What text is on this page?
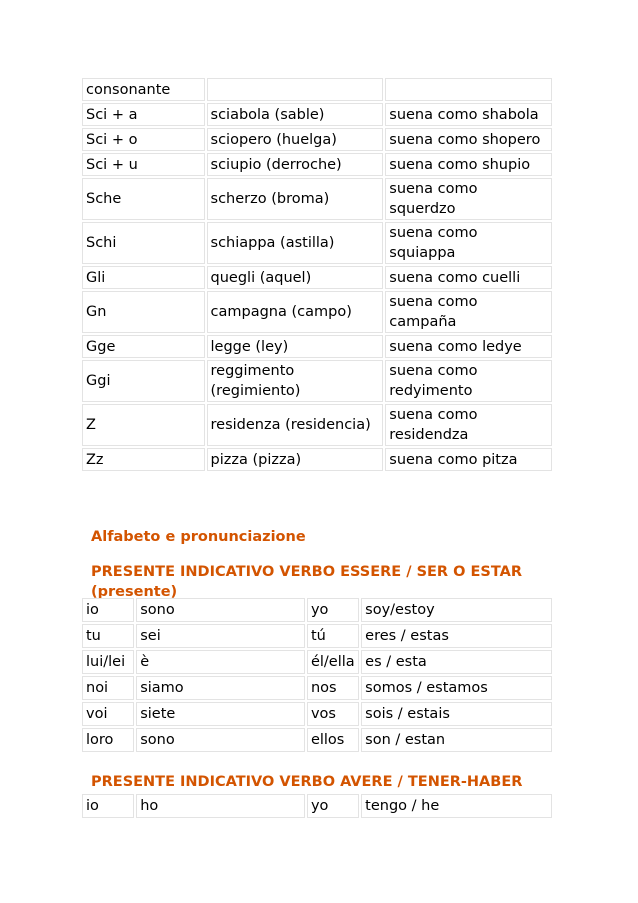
consonante		
Sci + a	sciabola (sable)	suena como shabola
Sci + o	sciopero (huelga)	suena como shopero
Sci + u	sciupio (derroche)	suena como shupio
Sche	scherzo (broma)	suena como squerdzo
Schi	schiappa (astilla)	suena como squiappa
Gli	quegli (aquel)	suena como cuelli
Gn	campagna (campo)	suena como campaña
Gge	legge (ley)	suena como ledye
Ggi	reggimento (regimiento)	suena como redyimento
Z	residenza (residencia)	suena como residendza
Zz	pizza (pizza)	suena como pitza

Alfabeto e pronunciazione

PRESENTE INDICATIVO VERBO ESSERE / SER O ESTAR (presente)

io	sono	yo	soy/estoy
tu	sei	tú	eres / estas
lui/lei	è	él/ella	es / esta
noi	siamo	nos	somos / estamos
voi	siete	vos	sois / estais
loro	sono	ellos	son / estan

PRESENTE INDICATIVO VERBO AVERE / TENER-HABER

io	ho	yo	tengo / he
